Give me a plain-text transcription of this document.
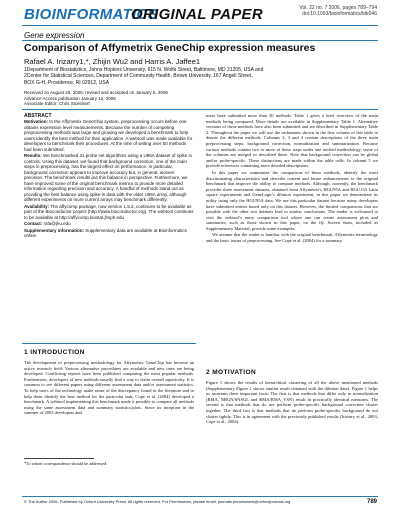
BIOINFORMATICS
ORIGINAL PAPER	Vol. 22 no. 7 2006, pages 789–794
doi:10.1093/bioinformatics/btk046
Gene expression
Comparison of Affymetrix GeneChip expression measures
Rafael A. Irizarry1,*, Zhijin Wu2 and Harris A. Jaffee1
1Department of Biostatistics, Johns Hopkins University, 615 N. Wolfe Street, Baltimore, MD 21205, USA and
2Center for Statistical Sciences, Department of Community Health, Brown University, 167 Angell Street,
BOX G-H, Providence, RI 02912, USA
Received on August 25, 2005; revised and accepted on January 5, 2006
Advance Access publication January 12, 2006
Associate Editor: Chris Stoeckert
ABSTRACT

Motivation: In the Affymetrix GeneChip system, preprocessing occurs before one obtains expression level measurements. Because the number of competing preprocessing methods was large and growing we developed a benchmark to help users identify the best method for their application. A webtool was made available for developers to benchmark their procedures. At the time of writing over 50 methods had been submitted.

Results: We benchmarked 31 probe set algorithms using a U95A dataset of spike in controls. Using this dataset, we found that background correction, one of the main steps in preprocessing, has the largest effect on performance. In particular, background correction appears to improve accuracy but, in general, worsen precision. The benchmark results put this balance in perspective. Furthermore, we have improved some of the original benchmark metrics to provide more detailed information regarding precision and accuracy. A handful of methods stand out as providing the best balance using spike-in data with the older U95A array, although different experiments on more current arrays may benchmark differently.

Availability: The affycomp package, now version 1.5.2, continues to be available as part of the Bioconductor project (http://www.bioconductor.org). The webtool continues to be available at http://affycomp.biostat.jhsph.edu

Contact: rafa@jhu.edu

Supplementary information: Supplementary data are available at Bioinformatics online.

1 INTRODUCTION
The development of preprocessing methodology for Affymetrix GeneChip has become an active research field. Various alternative procedures are available and new ones are being developed. Conflicting reports have been published comparing the most popular methods. Furthermore, developers of new methods usually find a way to claim overall superiority. It is common to see different papers using different assessment data and/or assessment statistics. To help users of the technology make sense of the discrepancy found in the literature and to help them identify the best method for the particular task, Cope et al. (2004) developed a benchmark. A webtool implementing this benchmark made it possible to compare all methods using the same assessment data and summary statistics/plots. Since its inception in the summer of 2003 developers and
*To whom correspondence should be addressed.

users have submitted more than 30 methods. Table 1 gives a brief overview of the main methods being compared. More details are available in Supplementary Table 1. Alternative versions of these methods have also been submitted and are described in Supplementary Table 2. Throughout the paper we will use the nicknames shown in the first column of this table to denote the different methods. Columns 2, 3 and 4 contain descriptions of the three main preprocessing steps: background correction, normalization and summarization. Because various methods contain two or more of these steps under one unified methodology, some of the columns are merged to described these. Note that background correction can be global and/or probe-specific. These distinctions are made within the table cells. In column 5 we provide references containing more detailed descriptions.

In this paper we summarize the comparison of these methods, identify the most discriminating characteristics and describe current and future enhancements to the original benchmark that improve the ability to compare methods. Although, currently, the benchmark provides three assessment datasets, obtained from Affymetrix's HGU95A and HGU133 Latin square experiments and GeneLogic's dilution experiment, in this paper we demonstrate its utility using only the HGU95A data. We use this particular dataset because many developers have submitted entries based only on this dataset. However, the limited comparisons that are possible with the other two datasets lead to similar conclusions. The reader is welcomed to visit the webtool's entry comparison tool where one can create assessment plots and summaries, such as those shown in this paper, on the fly. Screen shots, included as Supplementary Material, provide some examples.

We assume that the reader is familiar with the original benchmark, Affymetrix terminology and the basic issues of preprocessing. See Cope et al. (2004) for a summary.

2 MOTIVATION
Figure 1 shows the results of hierarchical clustering of all the above mentioned methods (Supplementary Figure 1 shows similar result obtained with the dilution data). Figure 1 helps us ascertain three important facts: The first is that methods that differ only in normalization (RMA, NBGN/SNSGL and RMA/RMA_VSN) result in practically identical measures. The second is that methods that do not perform probe-specific background correction cluster together. The third fact is that methods that do perform probe-specific background do not cluster tightly. This is in agreement with the previously published results (Irizarry et al., 2003; Cope et al., 2004).
© The Author 2006. Published by Oxford University Press. All rights reserved. For Permissions, please email: journals.permissions@oxfordjournals.org	789
